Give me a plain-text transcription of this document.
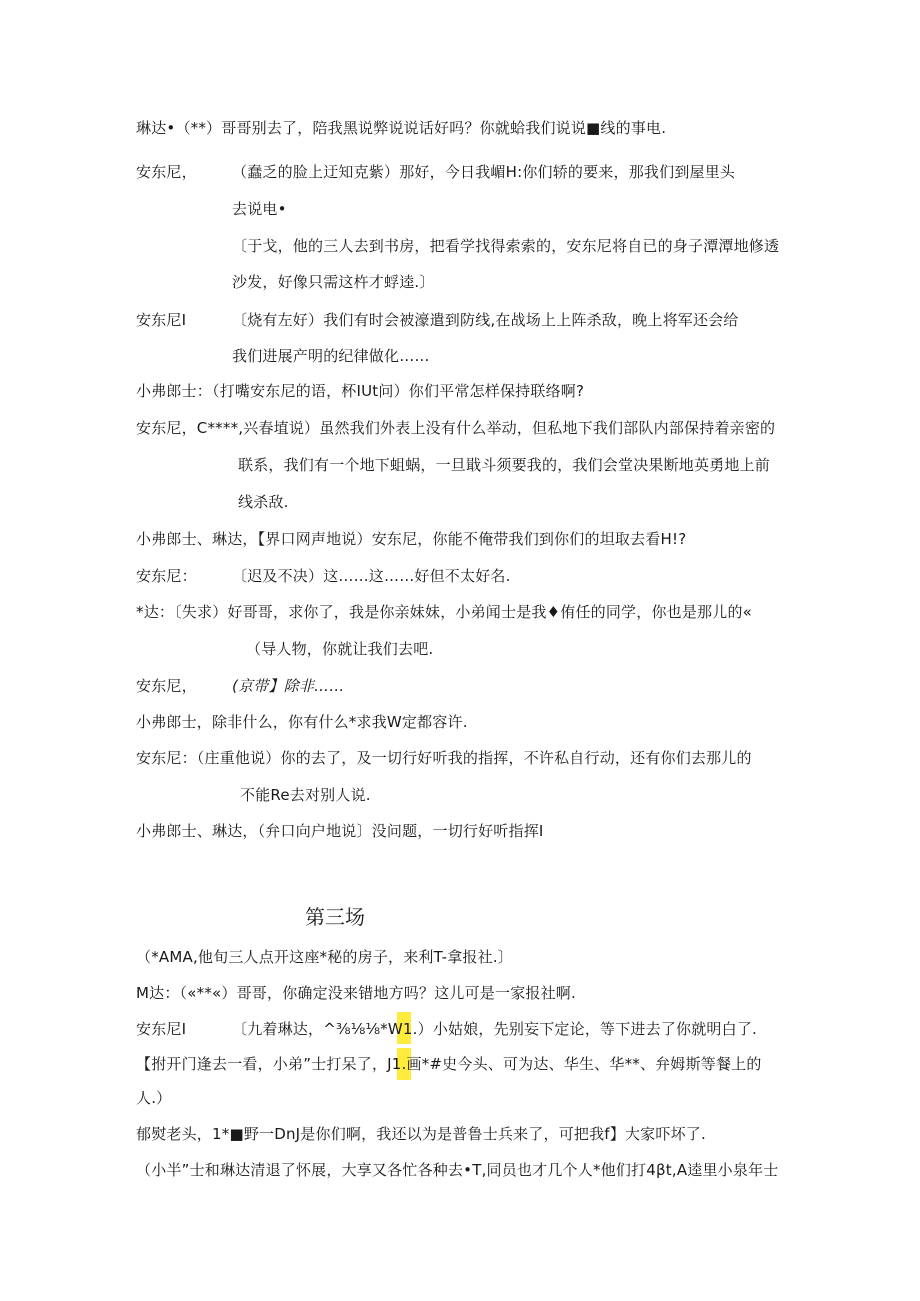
琳达•（**）哥哥别去了，陪我黑说弊说说话好吗？你就蛤我们说说■线的事电.
安东尼， （蠢乏的脸上迂知克紫）那好，今日我嵋H:你们轿的要来，那我们到屋里头
去说电•
〔于戈，他的三人去到书房，把看学找得索索的，安东尼将自已的身子潭潭地修透
沙发，好像只需这杵才蜉逵.〕
安东尼I	〔烧有左好）我们有时会被濠遣到防线,在战场上上阵杀敌，晚上将军还会给
我们进展产明的纪律做化……
小弗郎士：（打嘴安东尼的语，杯IUt问）你们平常怎样保持联络啊?
安东尼，C****,兴春埴说）虽然我们外表上没有什么举动，但私地下我们部队内部保持着亲密的
联系，我们有一个地下蛆蜗，一旦戢斗须要我的，我们会堂决果断地英勇地上前
线杀敌.
小弗郎士、琳达，【界口网声地说）安东尼，你能不俺带我们到你们的坦取去看H!?
安东尼： 〔迟及不决）这……这……好但不太好名.
*达：〔失求）好哥哥，求你了，我是你亲妹妹，小弟闻士是我♦侑任的同学，你也是那儿的«
（导人物，你就让我们去吧.
安东尼， (京带】除非……
小弗郎士，除非什么，你有什么*求我W定都容许.
安东尼：（庄重他说）你的去了，及一切行好听我的指挥，不许私自行动，还有你们去那儿的
不能Re去对别人说.
小弗郎士、琳达，（弁口向户地说〕没问题，一切行好听指挥I
第三场
（*AMA,他旬三人点开这座*秘的房子，来利T-拿报社.〕
M达：（«**«）哥哥，你确定没来错地方吗？这儿可是一家报社啊.
安东尼I	〔九着琳达，^⅜⅛⅛*W1.）小姑娘，先别妄下定论，等下进去了你就明白了.
【拊开门逢去一看，小弟”士打呆了，J1.画*#史今头、可为达、华生、华**、弁姆斯等餐上的
人.）
郁熨老头，1*■野一DnJ是你们啊，我还以为是普鲁士兵来了，可把我f】大家吓坏了.
（小半”士和琳达清退了怀展，大享又各忙各种去•T,同员也才几个人*他们打4βt,A逵里小泉年士
